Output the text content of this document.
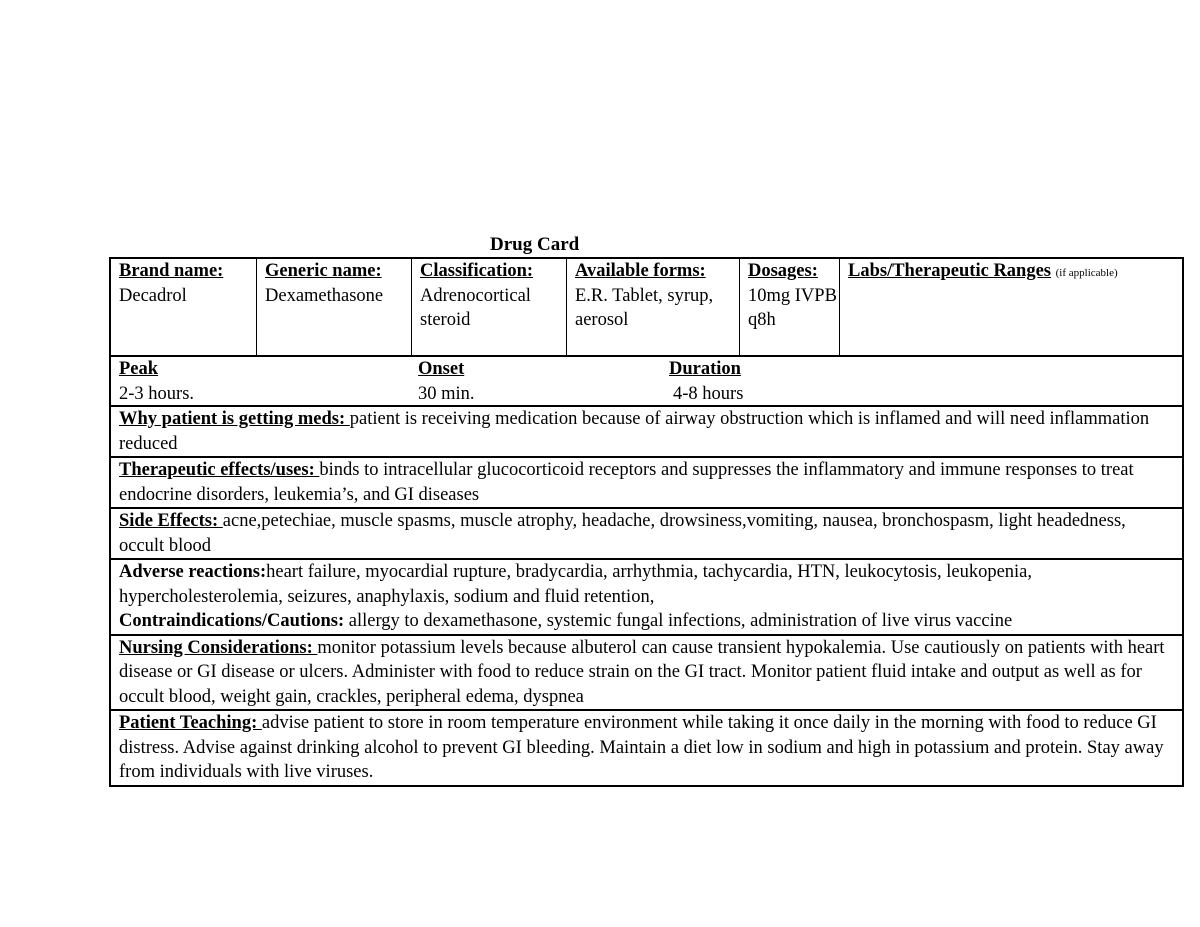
Drug Card
Brand name:
Decadrol
Generic name:
Dexamethasone
Classification:
Adrenocortical steroid
Available forms:
E.R. Tablet, syrup, aerosol
Dosages:
10mg IVPB q8h
Labs/Therapeutic Ranges (if applicable)
Peak
2-3 hours.
Onset
30 min.
Duration
4-8 hours
Why patient is getting meds: patient is receiving medication because of airway obstruction which is inflamed and will need inflammation reduced
Therapeutic effects/uses: binds to intracellular glucocorticoid receptors and suppresses the inflammatory and immune responses to treat endocrine disorders, leukemia’s, and GI diseases
Side Effects: acne,petechiae, muscle spasms, muscle atrophy, headache, drowsiness,vomiting, nausea, bronchospasm, light headedness, occult blood
Adverse reactions:heart failure, myocardial rupture, bradycardia, arrhythmia, tachycardia, HTN, leukocytosis, leukopenia, hypercholesterolemia, seizures, anaphylaxis, sodium and fluid retention,
Contraindications/Cautions: allergy to dexamethasone, systemic fungal infections, administration of live virus vaccine
Nursing Considerations: monitor potassium levels because albuterol can cause transient hypokalemia. Use cautiously on patients with heart disease or GI disease or ulcers. Administer with food to reduce strain on the GI tract. Monitor patient fluid intake and output as well as for occult blood, weight gain, crackles, peripheral edema, dyspnea
Patient Teaching: advise patient to store in room temperature environment while taking it once daily in the morning with food to reduce GI distress. Advise against drinking alcohol to prevent GI bleeding. Maintain a diet low in sodium and high in potassium and protein. Stay away from individuals with live viruses.
